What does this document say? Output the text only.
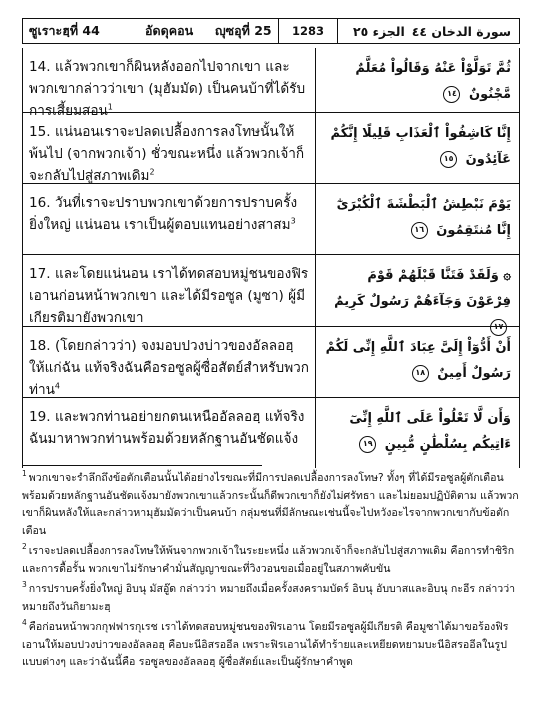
ซูเราะฮฺที่ 44	อัดดุคอน ญุซอุที่ 25	1283	الجزء ٢٥ سورة الدخان ٤٤
14. แล้วพวกเขาก็ผินหลังออกไปจากเขา และพวกเขากล่าวว่าเขา (มุฮัมมัด) เป็นคนบ้าที่ได้รับการเสี้ยมสอน$^1$
ثُمَّ تَوَلَّوْاْ عَنْهُ وَقَالُواْ مُعَلَّمٌ مَّجْنُونٌ ١٤
15. แน่นอนเราจะปลดเปลื้องการลงโทษนั้นให้พ้นไป (จากพวกเจ้า) ชั่วขณะหนึ่ง แล้วพวกเจ้าก็จะกลับไปสู่สภาพเดิม$^2$
إِنَّا كَاشِفُواْ ٱلْعَذَابِ قَلِيلًا إِنَّكُمْ عَآئِدُونَ ١٥
16. วันที่เราจะปราบพวกเขาด้วยการปราบครั้งยิ่งใหญ่ แน่นอน เราเป็นผู้ตอบแทนอย่างสาสม$^3$
يَوْمَ نَبْطِشُ ٱلْبَطْشَةَ ٱلْكُبْرَىٰٓ إِنَّا مُنتَقِمُونَ ١٦
17. และโดยแน่นอน เราได้ทดสอบหมู่ชนของฟิรเอานก่อนหน้าพวกเขา และได้มีรอซูล (มูซา) ผู้มีเกียรติมายังพวกเขา
۞ وَلَقَدْ فَتَنَّا قَبْلَهُمْ قَوْمَ فِرْعَوْنَ وَجَآءَهُمْ رَسُولٌ كَرِيمٌ ١٧
18. (โดยกล่าวว่า) จงมอบปวงบ่าวของอัลลอฮฺให้แก่ฉัน แท้จริงฉันคือรอซูลผู้ซื่อสัตย์สำหรับพวกท่าน$^4$
أَنْ أَدُّوٓاْ إِلَىَّ عِبَادَ ٱللَّهِ إِنِّى لَكُمْ رَسُولٌ أَمِينٌ ١٨
19. และพวกท่านอย่ายกตนเหนืออัลลอฮฺ แท้จริงฉันมาหาพวกท่านพร้อมด้วยหลักฐานอันชัดแจ้ง
وَأَن لَّا تَعْلُواْ عَلَى ٱللَّهِ إِنِّىٓ ءَاتِيكُم بِسُلْطَٰنٍ مُّبِينٍ ١٩

$^1$ พวกเขาจะรำลึกถึงข้อตักเตือนนั้นได้อย่างไรขณะที่มีการปลดเปลื้องการลงโทษ? ทั้งๆ ที่ได้มีรอซูลผู้ตักเตือนพร้อมด้วยหลักฐานอันชัดแจ้งมายังพวกเขาแล้วกระนั้นก็ดีพวกเขาก็ยังไม่ศรัทธา และไม่ยอมปฏิบัติตาม แล้วพวกเขาก็ผินหลังให้และกล่าวหามุฮัมมัดว่าเป็นคนบ้า กลุ่มชนที่มีลักษณะเช่นนี้จะไปหวังอะไรจากพวกเขากับข้อตักเตือน

$^2$ เราจะปลดเปลื้องการลงโทษให้พ้นจากพวกเจ้าในระยะหนึ่ง แล้วพวกเจ้าก็จะกลับไปสู่สภาพเดิม คือการทำชิริก และการดื้อรั้น พวกเขาไม่รักษาคำมั่นสัญญาขณะที่วิงวอนขอเมื่ออยู่ในสภาพคับขัน

$^3$ การปราบครั้งยิ่งใหญ่ อิบนุ มัสอู๊ด กล่าวว่า หมายถึงเมื่อครั้งสงครามบัดร์ อิบนุ อับบาสและอิบนุ กะอีร กล่าวว่าหมายถึงวันกิยามะฮฺ

$^4$ คือก่อนหน้าพวกกุฟฟารกุเรช เราได้ทดสอบหมู่ชนของฟิรเอาน โดยมีรอซูลผู้มีเกียรติ คือมูซาได้มาขอร้องฟิรเอานให้มอบปวงบ่าวของอัลลอฮฺ คือบะนีอิสรออีล เพราะฟิรเอานได้ทำร้ายและเหยียดหยามบะนีอิสรออีลในรูปแบบต่างๆ และว่าฉันนี้คือ รอซูลของอัลลอฮฺ ผู้ซื่อสัตย์และเป็นผู้รักษาคำพูด
